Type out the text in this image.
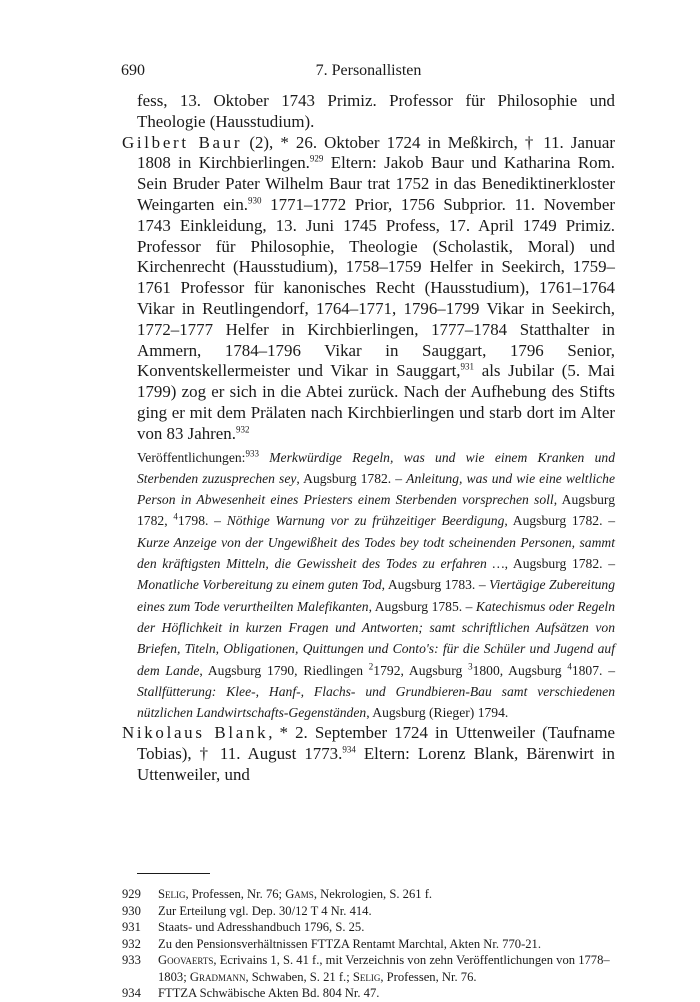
690	7. Personallisten

fess, 13. Oktober 1743 Primiz. Professor für Philosophie und Theologie (Hausstudium).

Gilbert Baur (2), * 26. Oktober 1724 in Meßkirch, † 11. Januar 1808 in Kirchbierlingen.$^{929}$ Eltern: Jakob Baur und Katharina Rom. Sein Bruder Pater Wilhelm Baur trat 1752 in das Benediktinerkloster Weingarten ein.$^{930}$ 1771–1772 Prior, 1756 Subprior. 11. November 1743 Einkleidung, 13. Juni 1745 Profess, 17. April 1749 Primiz. Professor für Philosophie, Theologie (Scholastik, Moral) und Kirchenrecht (Hausstudium), 1758–1759 Helfer in Seekirch, 1759–1761 Professor für kanonisches Recht (Hausstudium), 1761–1764 Vikar in Reutlingendorf, 1764–1771, 1796–1799 Vikar in Seekirch, 1772–1777 Helfer in Kirchbierlingen, 1777–1784 Statthalter in Ammern, 1784–1796 Vikar in Sauggart, 1796 Senior, Konventskellermeister und Vikar in Sauggart,$^{931}$ als Jubilar (5. Mai 1799) zog er sich in die Abtei zurück. Nach der Aufhebung des Stifts ging er mit dem Prälaten nach Kirchbierlingen und starb dort im Alter von 83 Jahren.$^{932}$

Veröffentlichungen:$^{933}$ Merkwürdige Regeln, was und wie einem Kranken und Sterbenden zuzusprechen sey, Augsburg 1782. – Anleitung, was und wie eine weltliche Person in Abwesenheit eines Priesters einem Sterbenden vorsprechen soll, Augsburg 1782, $^4$1798. – Nöthige Warnung vor zu frühzeitiger Beerdigung, Augsburg 1782. – Kurze Anzeige von der Ungewißheit des Todes bey todt scheinenden Personen, sammt den kräftigsten Mitteln, die Gewissheit des Todes zu erfahren …, Augsburg 1782. – Monatliche Vorbereitung zu einem guten Tod, Augsburg 1783. – Viertägige Zubereitung eines zum Tode verurtheilten Malefikanten, Augsburg 1785. – Katechismus oder Regeln der Höflichkeit in kurzen Fragen und Antworten; samt schriftlichen Aufsätzen von Briefen, Titeln, Obligationen, Quittungen und Conto's: für die Schüler und Jugend auf dem Lande, Augsburg 1790, Riedlingen $^2$1792, Augsburg $^3$1800, Augsburg $^4$1807. – Stallfütterung: Klee-, Hanf-, Flachs- und Grundbieren-Bau samt verschiedenen nützlichen Landwirtschafts-Gegenständen, Augsburg (Rieger) 1794.

Nikolaus Blank, * 2. September 1724 in Uttenweiler (Taufname Tobias), † 11. August 1773.$^{934}$ Eltern: Lorenz Blank, Bärenwirt in Uttenweiler, und

929	Selig, Professen, Nr. 76; Gams, Nekrologien, S. 261 f.
930	Zur Erteilung vgl. Dep. 30/12 T 4 Nr. 414.
931	Staats- und Adresshandbuch 1796, S. 25.
932	Zu den Pensionsverhältnissen FTTZA Rentamt Marchtal, Akten Nr. 770-21.
933	Goovaerts, Ecrivains 1, S. 41 f., mit Verzeichnis von zehn Veröffentlichungen von 1778–1803; Gradmann, Schwaben, S. 21 f.; Selig, Professen, Nr. 76.
934	FTTZA Schwäbische Akten Bd. 804 Nr. 47.
